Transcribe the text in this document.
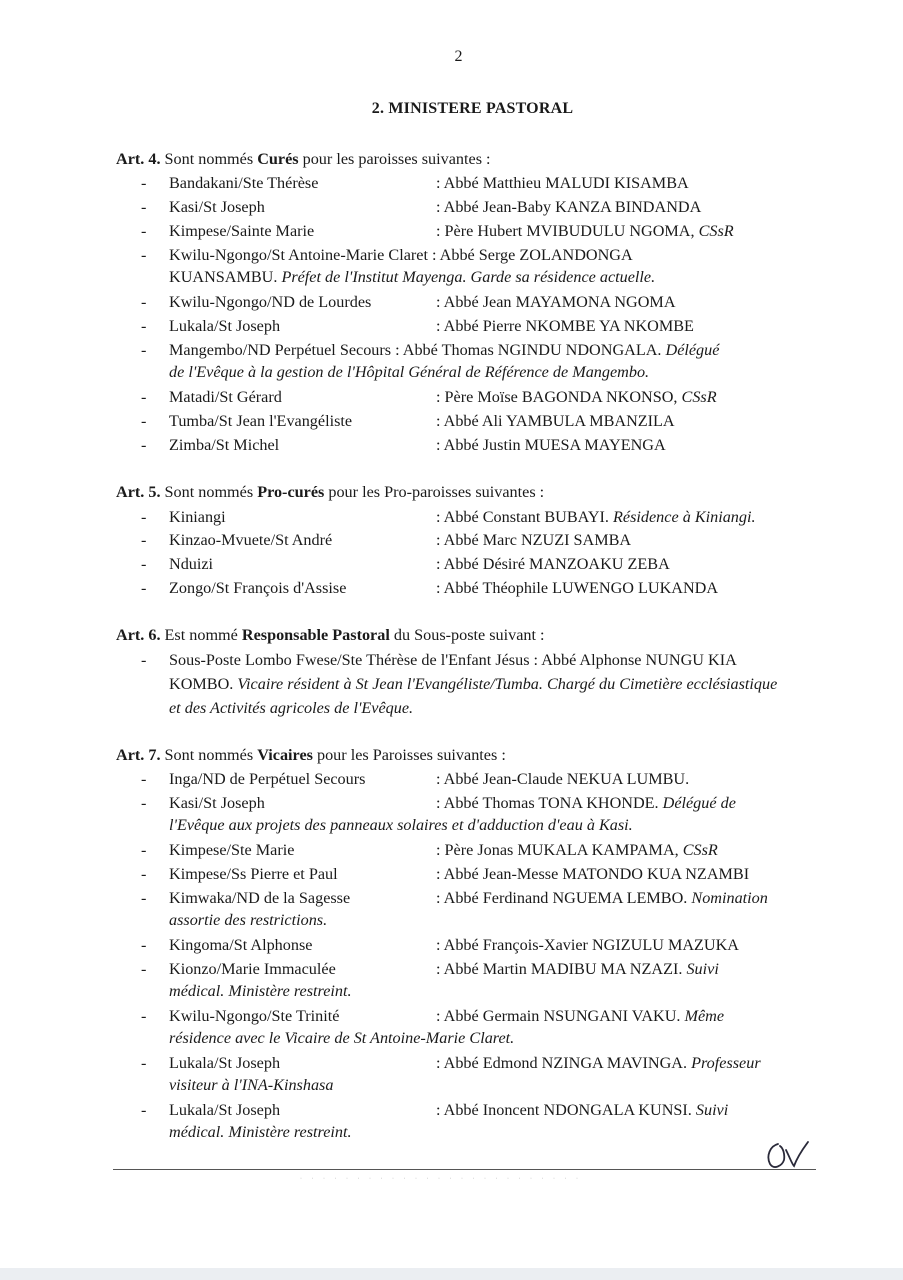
2
2. MINISTERE PASTORAL
Art. 4. Sont nommés Curés pour les paroisses suivantes :
- Bandakani/Ste Thérèse	: Abbé Matthieu MALUDI KISAMBA
- Kasi/St Joseph	: Abbé Jean-Baby KANZA BINDANDA
- Kimpese/Sainte Marie	: Père Hubert MVIBUDULU NGOMA, CSsR
- Kwilu-Ngongo/St Antoine-Marie Claret : Abbé Serge ZOLANDONGA
KUANSAMBU. Préfet de l'Institut Mayenga. Garde sa résidence actuelle.
- Kwilu-Ngongo/ND de Lourdes	: Abbé Jean MAYAMONA NGOMA
- Lukala/St Joseph	: Abbé Pierre NKOMBE YA NKOMBE
- Mangembo/ND Perpétuel Secours : Abbé Thomas NGINDU NDONGALA. Délégué
de l'Evêque à la gestion de l'Hôpital Général de Référence de Mangembo.
- Matadi/St Gérard	: Père Moïse BAGONDA NKONSO, CSsR
- Tumba/St Jean l'Evangéliste	: Abbé Ali YAMBULA MBANZILA
- Zimba/St Michel	: Abbé Justin MUESA MAYENGA
Art. 5. Sont nommés Pro-curés pour les Pro-paroisses suivantes :
- Kiniangi	: Abbé Constant BUBAYI. Résidence à Kiniangi.
- Kinzao-Mvuete/St André	: Abbé Marc NZUZI SAMBA
- Nduizi	: Abbé Désiré MANZOAKU ZEBA
- Zongo/St François d'Assise	: Abbé Théophile LUWENGO LUKANDA
Art. 6. Est nommé Responsable Pastoral du Sous-poste suivant :
- Sous-Poste Lombo Fwese/Ste Thérèse de l'Enfant Jésus : Abbé Alphonse NUNGU KIA
KOMBO. Vicaire résident à St Jean l'Evangéliste/Tumba. Chargé du Cimetière ecclésiastique
et des Activités agricoles de l'Evêque.
Art. 7. Sont nommés Vicaires pour les Paroisses suivantes :
- Inga/ND de Perpétuel Secours	: Abbé Jean-Claude NEKUA LUMBU.
- Kasi/St Joseph	: Abbé Thomas TONA KHONDE. Délégué de
l'Evêque aux projets des panneaux solaires et d'adduction d'eau à Kasi.
- Kimpese/Ste Marie	: Père Jonas MUKALA KAMPAMA, CSsR
- Kimpese/Ss Pierre et Paul	: Abbé Jean-Messe MATONDO KUA NZAMBI
- Kimwaka/ND de la Sagesse	: Abbé Ferdinand NGUEMA LEMBO. Nomination
assortie des restrictions.
- Kingoma/St Alphonse	: Abbé François-Xavier NGIZULU MAZUKA
- Kionzo/Marie Immaculée	: Abbé Martin MADIBU MA NZAZI. Suivi
médical. Ministère restreint.
- Kwilu-Ngongo/Ste Trinité	: Abbé Germain NSUNGANI VAKU. Même
résidence avec le Vicaire de St Antoine-Marie Claret.
- Lukala/St Joseph	: Abbé Edmond NZINGA MAVINGA. Professeur
visiteur à l'INA-Kinshasa
- Lukala/St Joseph	: Abbé Inoncent NDONGALA KUNSI. Suivi
médical. Ministère restreint.
· · · · · · · · · · · · · · · · · · · · · · · · ·
